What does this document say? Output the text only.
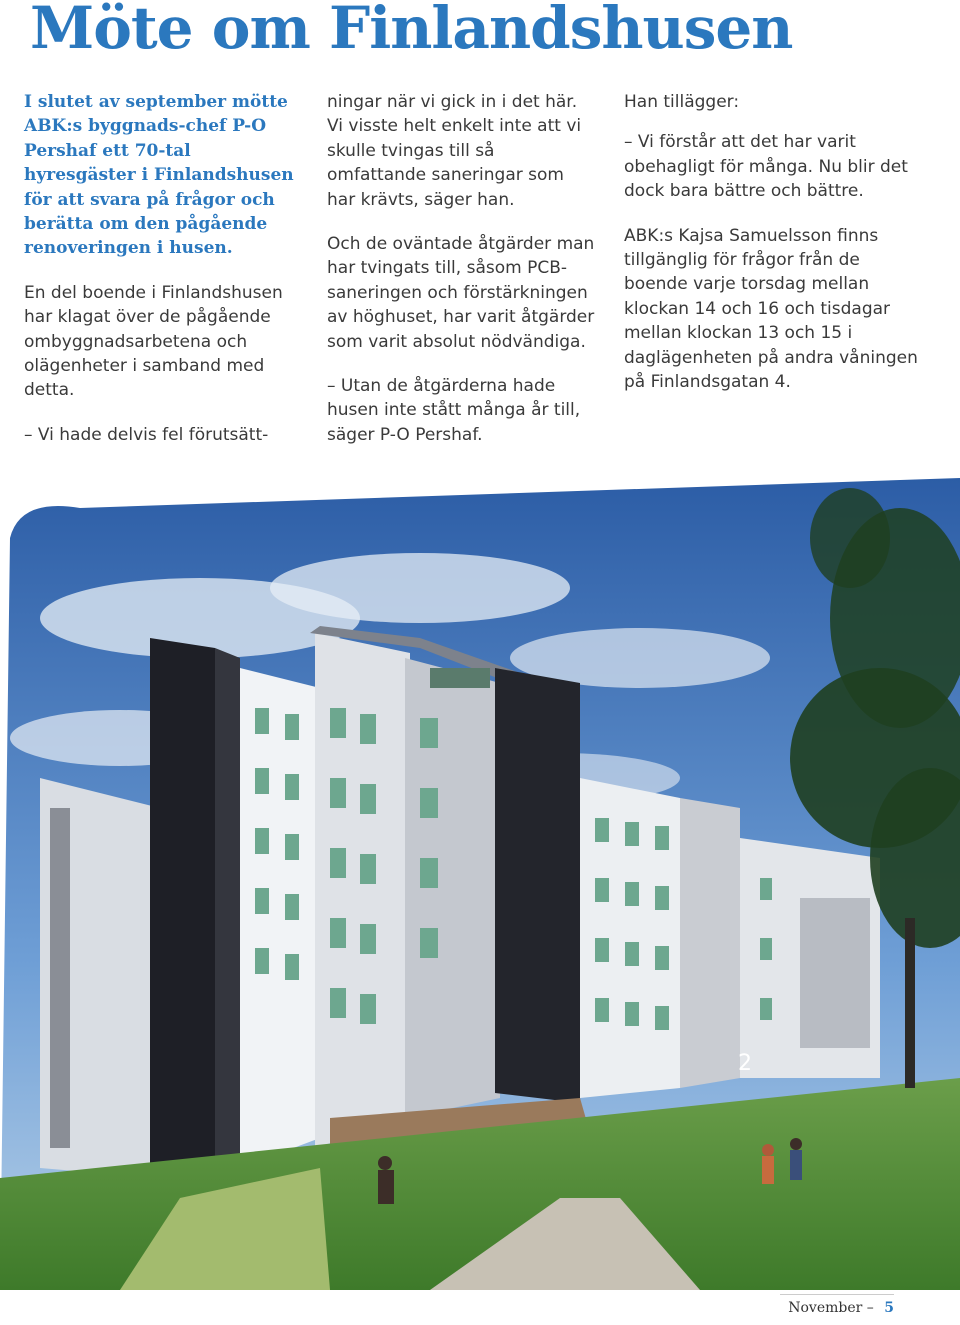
Möte om Finlandshusen

I slutet av september mötte ABK:s byggnads-chef P-O Pershaf ett 70-tal hyresgäster i Finlandshusen för att svara på frågor och berätta om den pågående renoveringen i husen.

En del boende i Finlandshusen har klagat över de pågående ombyggnadsarbetena och olägenheter i samband med detta.

– Vi hade delvis fel förutsätt-

ningar när vi gick in i det här. Vi visste helt enkelt inte att vi skulle tvingas till så omfattande saneringar som har krävts, säger han.

Och de oväntade åtgärder man har tvingats till, såsom PCB-saneringen och förstärkningen av höghuset, har varit åtgärder som varit absolut nödvändiga.

– Utan de åtgärderna hade husen inte stått många år till, säger P-O Pershaf.

Han tillägger:

– Vi förstår att det har varit obehagligt för många. Nu blir det dock bara bättre och bättre.

ABK:s Kajsa Samuelsson finns tillgänglig för frågor från de boende varje torsdag mellan klockan 14 och 16 och tisdagar mellan klockan 13 och 15 i daglägenheten på andra våningen på Finlandsgatan 4.

2
November – 5
